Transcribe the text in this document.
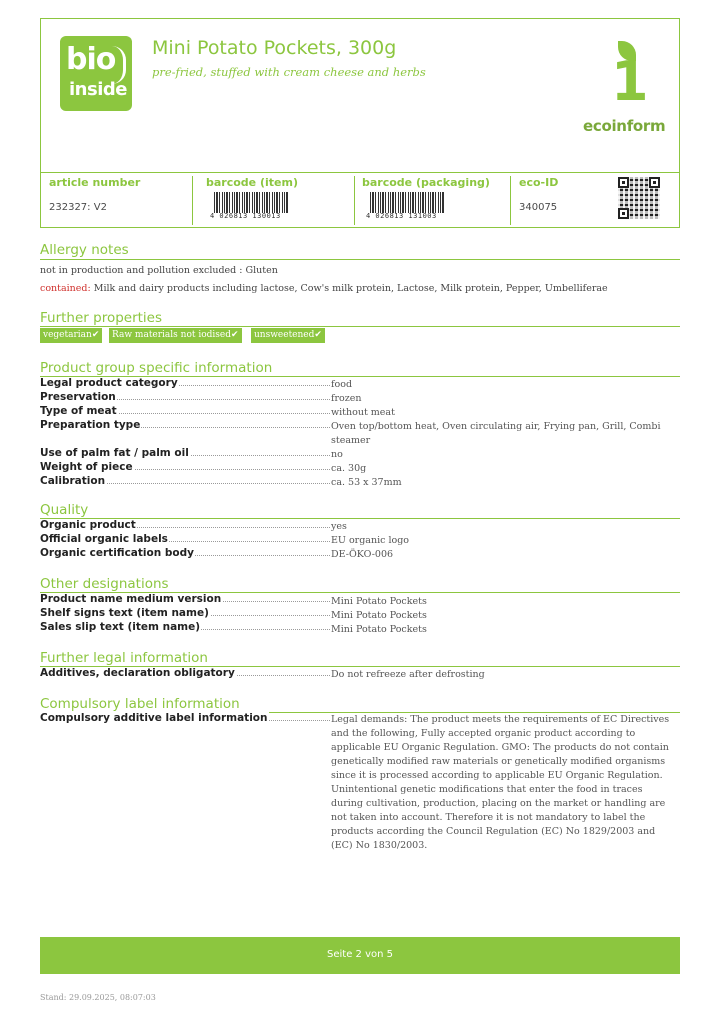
bio
inside
Mini Potato Pockets, 300g
pre-fried, stuffed with cream cheese and herbs	1
ecoinform
article number
232327: V2
barcode (item)
4 026813 130013
barcode (packaging)
4 026813 131003
eco-ID
340075
Allergy notes
not in production and pollution excluded : Gluten
contained: Milk and dairy products including lactose, Cow's milk protein, Lactose, Milk protein, Pepper, Umbelliferae
Further properties
vegetarian✔	Raw materials not iodised✔	unsweetened✔
Product group specific information
Legal product category	food
Preservation	frozen
Type of meat	without meat
Preparation type	Oven top/bottom heat, Oven circulating air, Frying pan, Grill, Combi steamer
Use of palm fat / palm oil	no
Weight of piece	ca. 30g
Calibration	ca. 53 x 37mm
Quality
Organic product	yes
Official organic labels	EU organic logo
Organic certification body	DE-ÖKO-006
Other designations
Product name medium version	Mini Potato Pockets
Shelf signs text (item name)	Mini Potato Pockets
Sales slip text (item name)	Mini Potato Pockets
Further legal information
Additives, declaration obligatory	Do not refreeze after defrosting
Compulsory label information
Compulsory additive label information	Legal demands: The product meets the requirements of EC Directives and the following, Fully accepted organic product according to applicable EU Organic Regulation. GMO: The products do not contain genetically modified raw materials or genetically modified organisms since it is processed according to applicable EU Organic Regulation. Unintentional genetic modifications that enter the food in traces during cultivation, production, placing on the market or handling are not taken into account. Therefore it is not mandatory to label the products according the Council Regulation (EC) No 1829/2003 and (EC) No 1830/2003.
Seite 2 von 5
Stand: 29.09.2025, 08:07:03
